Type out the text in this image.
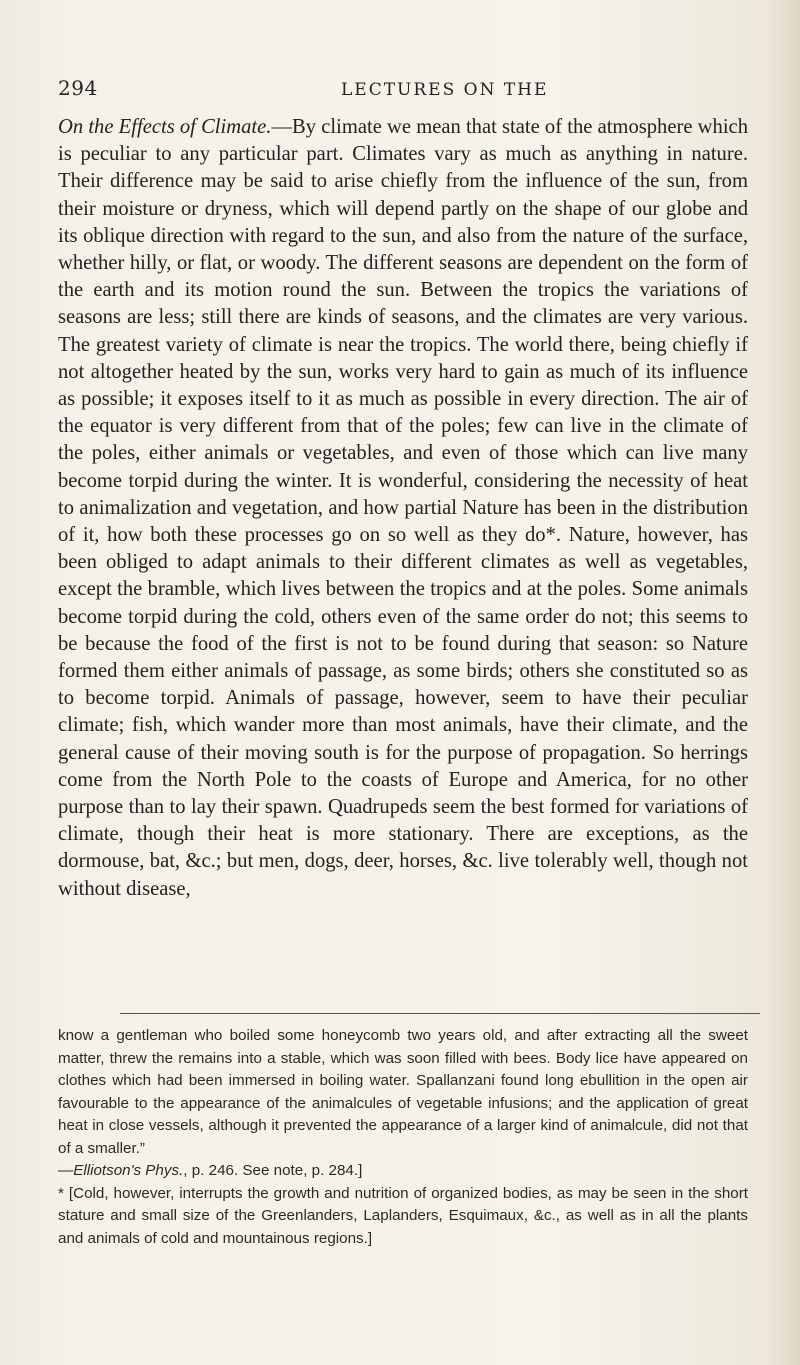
294	LECTURES ON THE

On the Effects of Climate.—By climate we mean that state of the atmosphere which is peculiar to any particular part. Climates vary as much as anything in nature. Their difference may be said to arise chiefly from the influence of the sun, from their moisture or dryness, which will depend partly on the shape of our globe and its oblique direction with regard to the sun, and also from the nature of the surface, whether hilly, or flat, or woody. The different seasons are dependent on the form of the earth and its motion round the sun. Between the tropics the variations of seasons are less; still there are kinds of seasons, and the climates are very various. The greatest variety of climate is near the tropics. The world there, being chiefly if not altogether heated by the sun, works very hard to gain as much of its influence as possible; it exposes itself to it as much as possible in every direction. The air of the equator is very different from that of the poles; few can live in the climate of the poles, either animals or vegetables, and even of those which can live many become torpid during the winter. It is wonderful, considering the necessity of heat to animalization and vegetation, and how partial Nature has been in the distribution of it, how both these processes go on so well as they do*. Nature, however, has been obliged to adapt animals to their different climates as well as vegetables, except the bramble, which lives between the tropics and at the poles. Some animals become torpid during the cold, others even of the same order do not; this seems to be because the food of the first is not to be found during that season: so Nature formed them either animals of passage, as some birds; others she constituted so as to become torpid. Animals of passage, however, seem to have their peculiar climate; fish, which wander more than most animals, have their climate, and the general cause of their moving south is for the purpose of propagation. So herrings come from the North Pole to the coasts of Europe and America, for no other purpose than to lay their spawn. Quadrupeds seem the best formed for variations of climate, though their heat is more stationary. There are exceptions, as the dormouse, bat, &c.; but men, dogs, deer, horses, &c. live tolerably well, though not without disease,

know a gentleman who boiled some honeycomb two years old, and after extracting all the sweet matter, threw the remains into a stable, which was soon filled with bees. Body lice have appeared on clothes which had been immersed in boiling water. Spallanzani found long ebullition in the open air favourable to the appearance of the animalcules of vegetable infusions; and the application of great heat in close vessels, although it prevented the appearance of a larger kind of animalcule, did not that of a smaller.”
—Elliotson's Phys., p. 246. See note, p. 284.]

* [Cold, however, interrupts the growth and nutrition of organized bodies, as may be seen in the short stature and small size of the Greenlanders, Laplanders, Esquimaux, &c., as well as in all the plants and animals of cold and mountainous regions.]
